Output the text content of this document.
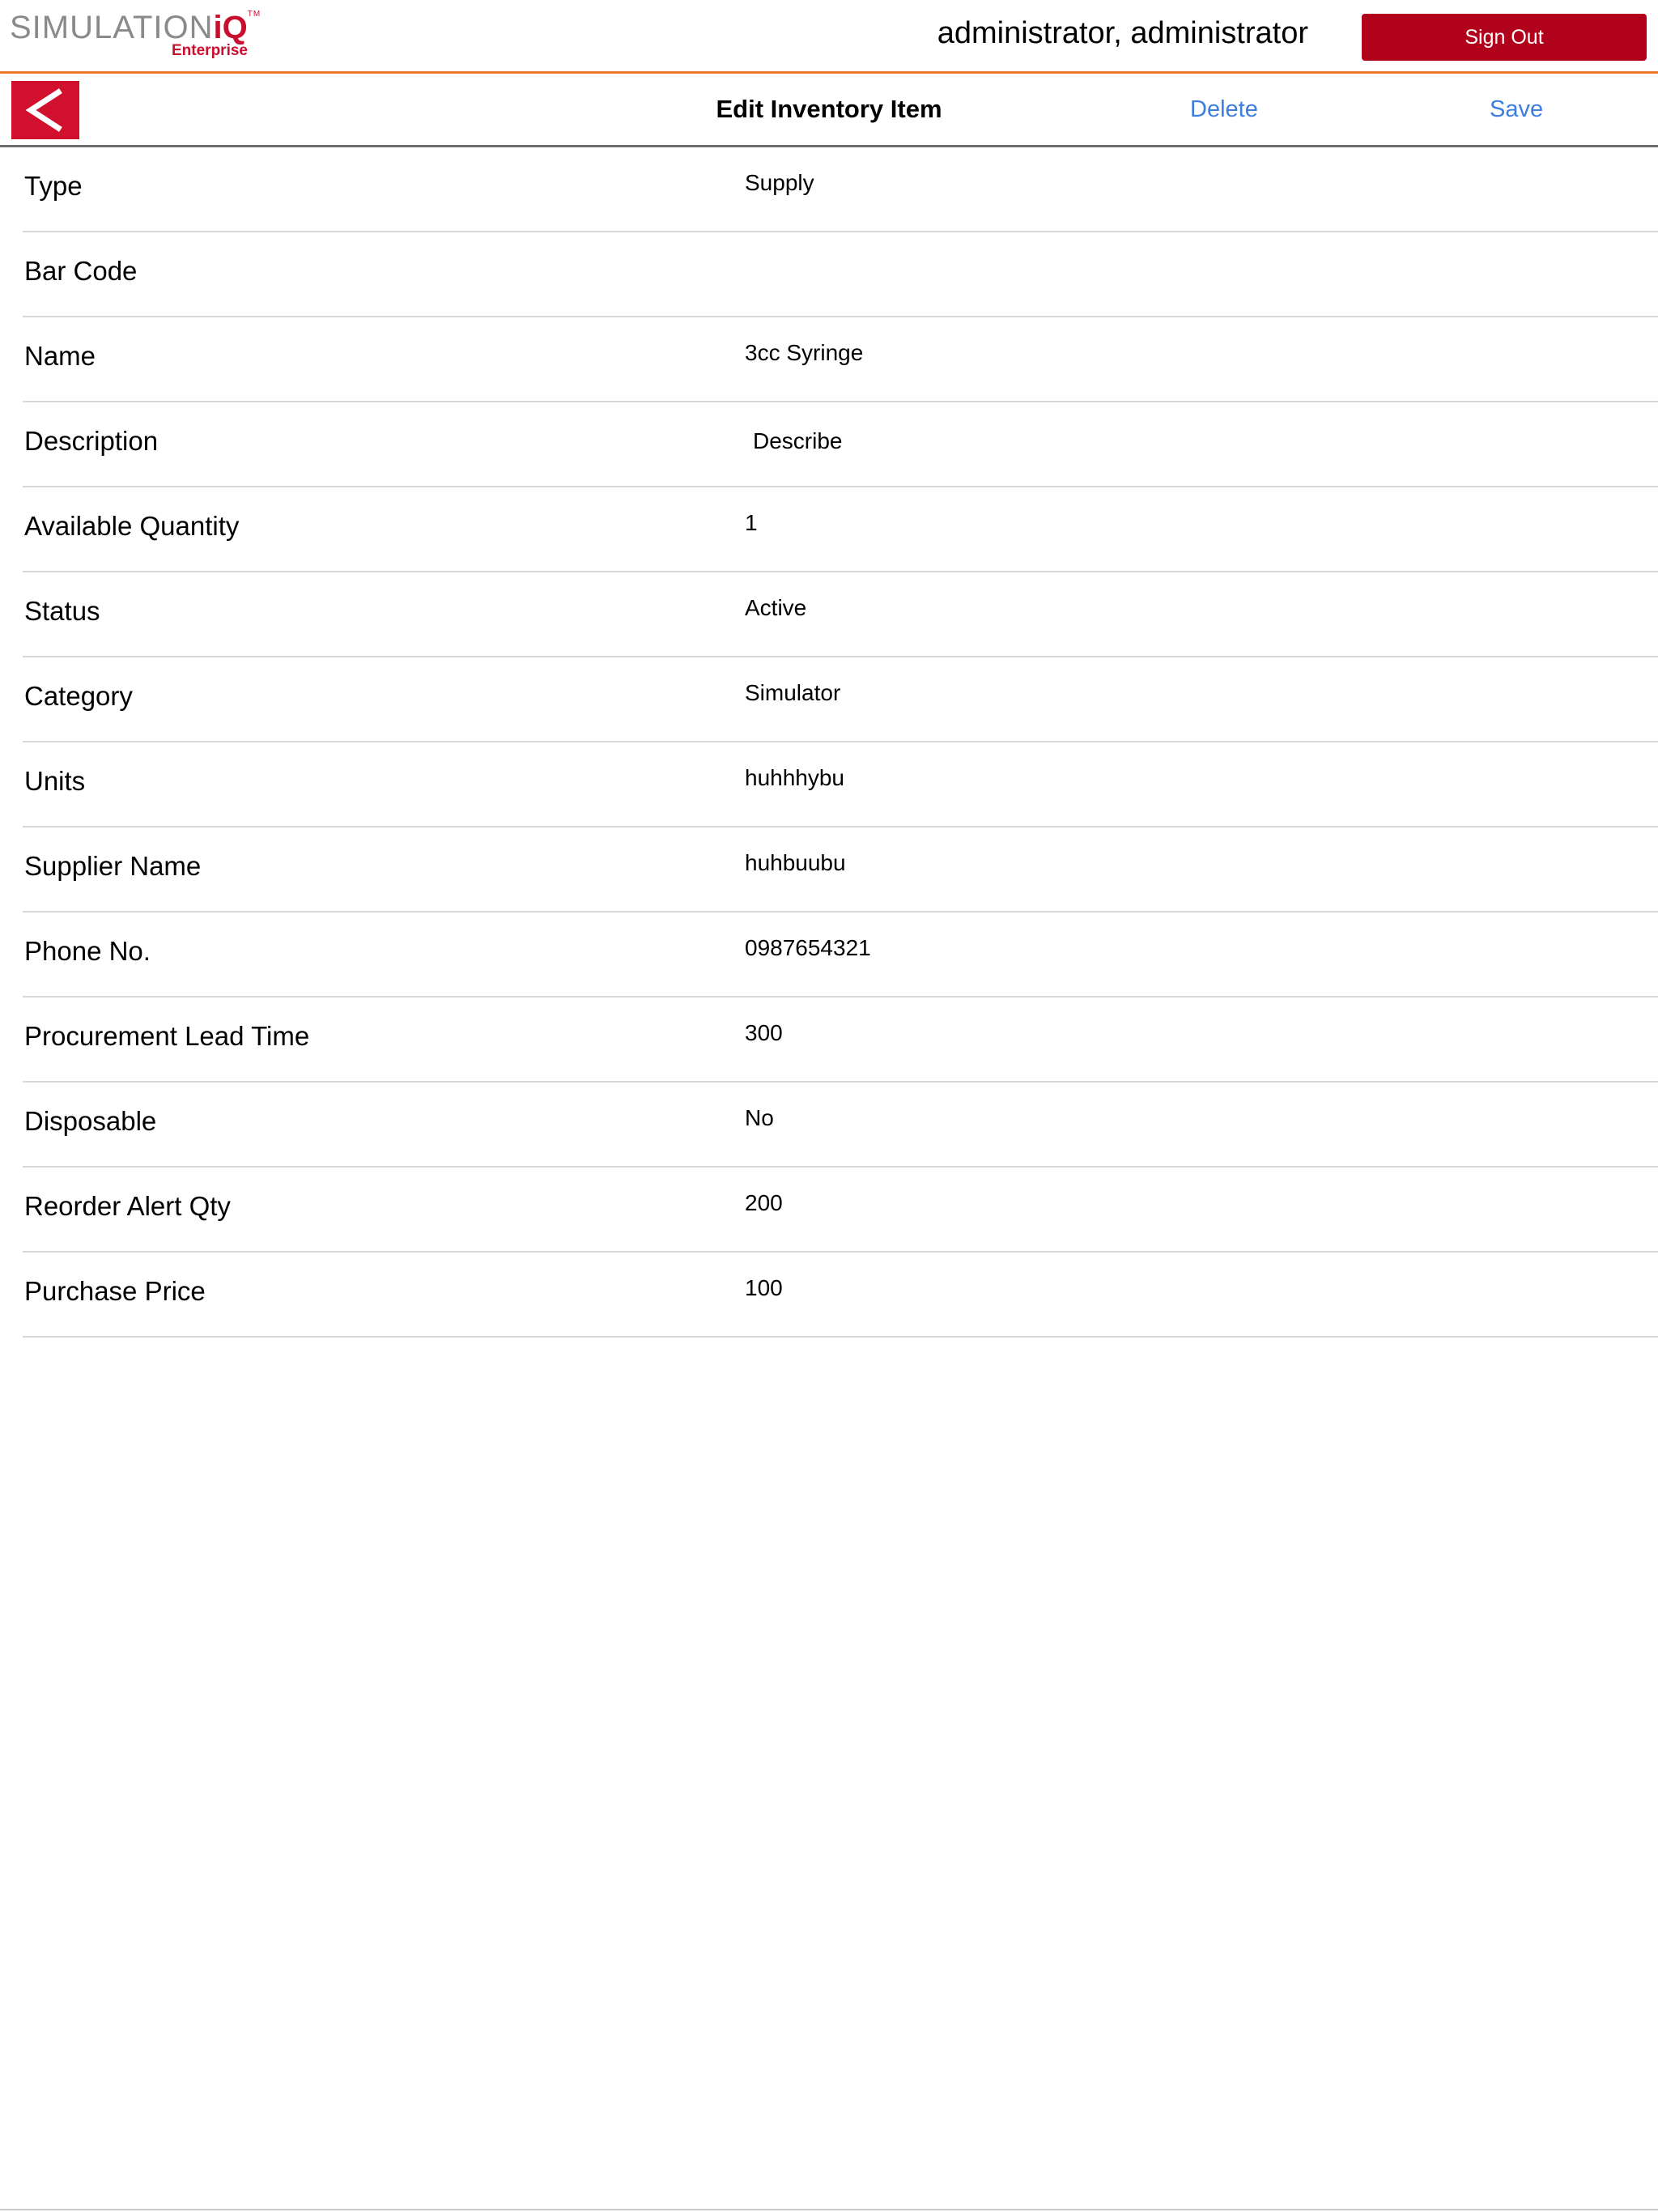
SIMULATIONiQ™
Enterprise
administrator, administrator	Sign Out
Edit Inventory Item	Delete	Save
Type	Supply
Bar Code
Name	3cc Syringe
Description	Describe
Available Quantity	1
Status	Active
Category	Simulator
Units	huhhhybu
Supplier Name	huhbuubu
Phone No.	0987654321
Procurement Lead Time	300
Disposable	No
Reorder Alert Qty	200
Purchase Price	100
